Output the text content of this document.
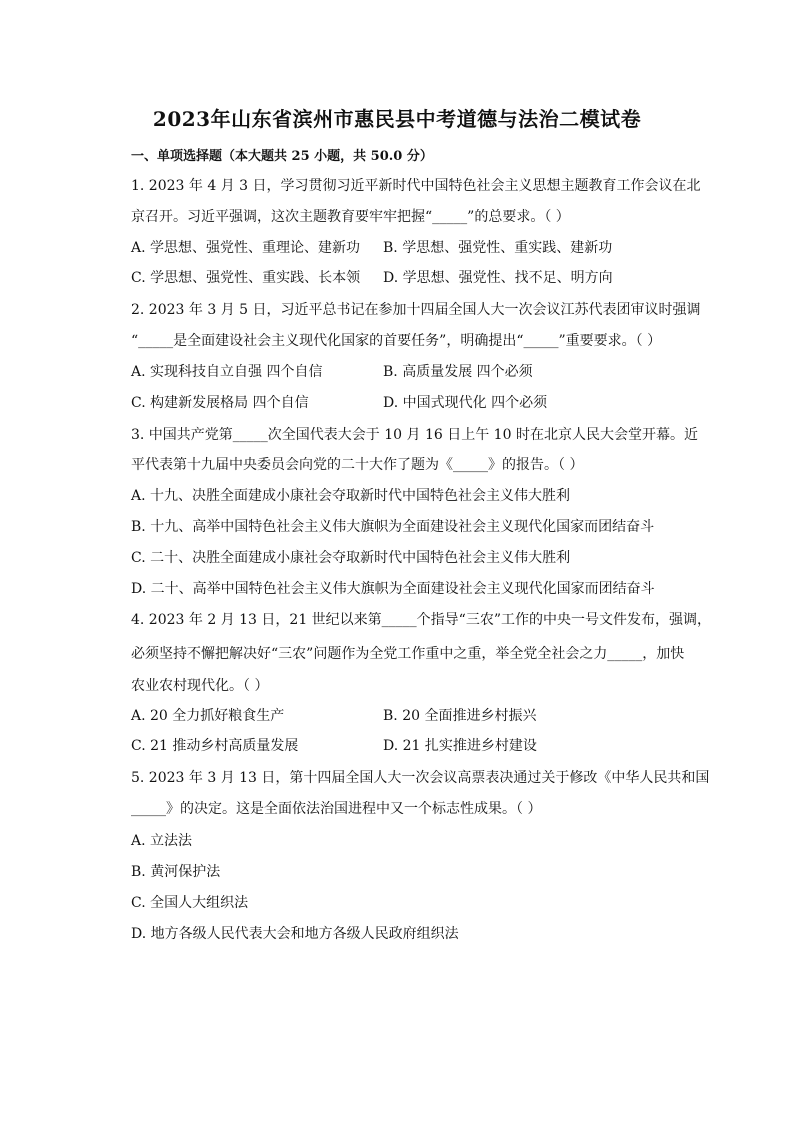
2023年山东省滨州市惠民县中考道德与法治二模试卷
一、单项选择题（本大题共 25 小题，共 50.0 分）
1. 2023 年 4 月 3 日，学习贯彻习近平新时代中国特色社会主义思想主题教育工作会议在北
京召开。习近平强调，这次主题教育要牢牢把握“_____”的总要求。（ ）
A. 学思想、强党性、重理论、建新功 B. 学思想、强党性、重实践、建新功
C. 学思想、强党性、重实践、长本领 D. 学思想、强党性、找不足、明方向
2. 2023 年 3 月 5 日，习近平总书记在参加十四届全国人大一次会议江苏代表团审议时强调
“_____是全面建设社会主义现代化国家的首要任务”，明确提出“_____”重要要求。（ ）
A. 实现科技自立自强 四个自信	B. 高质量发展 四个必须
C. 构建新发展格局 四个自信	D. 中国式现代化 四个必须
3. 中国共产党第_____次全国代表大会于 10 月 16 日上午 10 时在北京人民大会堂开幕。近
平代表第十九届中央委员会向党的二十大作了题为《_____》的报告。（ ）
A. 十九、决胜全面建成小康社会夺取新时代中国特色社会主义伟大胜利
B. 十九、高举中国特色社会主义伟大旗帜为全面建设社会主义现代化国家而团结奋斗
C. 二十、决胜全面建成小康社会夺取新时代中国特色社会主义伟大胜利
D. 二十、高举中国特色社会主义伟大旗帜为全面建设社会主义现代化国家而团结奋斗
4. 2023 年 2 月 13 日，21 世纪以来第_____个指导“三农”工作的中央一号文件发布，强调，
必须坚持不懈把解决好“三农”问题作为全党工作重中之重，举全党全社会之力_____，加快
农业农村现代化。（ ）
A. 20 全力抓好粮食生产	B. 20 全面推进乡村振兴
C. 21 推动乡村高质量发展	D. 21 扎实推进乡村建设
5. 2023 年 3 月 13 日，第十四届全国人大一次会议高票表决通过关于修改《中华人民共和国
_____》的决定。这是全面依法治国进程中又一个标志性成果。（ ）
A. 立法法
B. 黄河保护法
C. 全国人大组织法
D. 地方各级人民代表大会和地方各级人民政府组织法
